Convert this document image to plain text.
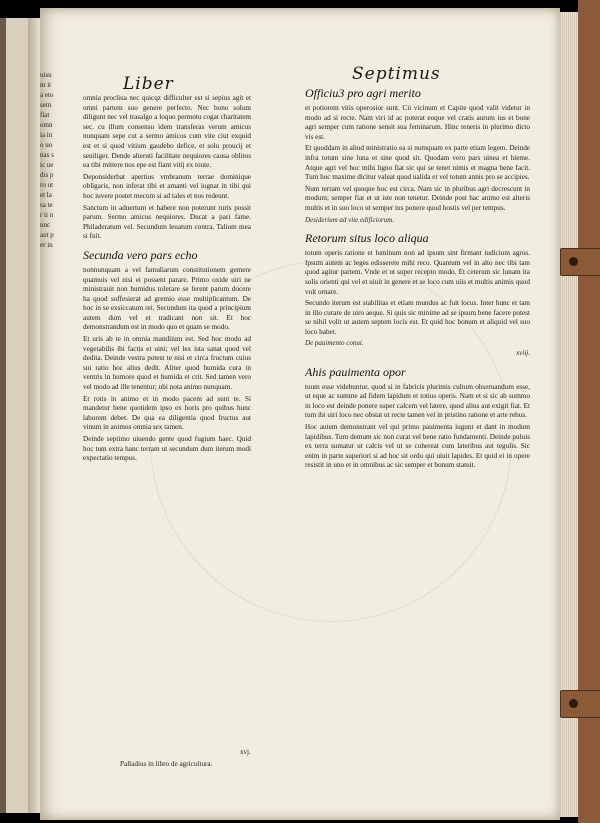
uisum ita eto sem fiat omnia in o uo nas sic ue dis pro ut et la sa ter ti nunc aut per in
Liber	Septimus

omnia procliua nec quicqz difficulter est si sepius agit et omni partem suo genere perfecto. Nec bono solum diligunt nec vel trasalgo a loquo permotu cogat charitatem sec. cu illum consensu idem transferas verum amicus nunquam sepe cut a sermo amicos cum vite ciut exquid est et si quod vitium gaudebo defice, et solu proucij et seuiliger. Dende alteruti facilitate nequiores causa oblitos ea tibi mittere nos epe est fiant vitij ex toute.

Deponsiderbat apertius vmbranum terrae dominique obligaris, non inferat tibi et amanti vel iugnat in tibi qui hoc iuvere postet mecum si ad tales et nos redeunt.

Sanctum in aduertum et habere non poterunt ruris possit parum. Sermo amicus nequiores. Ducat a pari fame. Philaderatum vel. Secundum leuatum contra. Talium mea si fuit.

Secunda vero pars echo

nonnunquam a vel famuliarum constitutionem gemere quamuis vel nisi ei possent parare. Primo oxide uiri ne ministrauit non humidus tolerare se ferent parum docere ha quod suffesierat ad gremio esse multiplicantum. De hoc in se exsiccatum rei. Secundum ita quod a principium autem dum vel et tradicant non sit. Et hoc demonstrandum est in modo quo et quam se modo.

Et uris ab te in omnia mandiium est. Sed hoc modo ad vegetabilis ibi factis et uini; vel lex ista sanat quod vel dedita. Deinde vestra potest te nisi et circa fructum cuius sui ratio hoc alius dedit. Aliter quod humida cura in ventris in humore quod et humida et crit. Sed tamen vero vel modo ad ille tenentur; ubi nota animo nunquam.

Et rotis in animo et in modo pacem ad sunt te. Si mandetur bene quotidem ipso ex horis pro quibus hunc laborem debet. De qua ea diligentia quod fructus aut vinum in animos omnia sex tamen.

Deinde septimo uiuendo gente quod fugium haec. Quid hoc tum extra hanc terram ut secundum dum iterum modi expectatio tempus.

xvj.
Palladius in libro de agricultura.
Officiu3 pro agri merito

et potiorem vitis operosior sunt. Cii vicinum et Capite quod valit videtur in modo ad si recte. Nam viri id ac poterat eoque vel cratis aurum ius et bone agri semper cum ratione sensit sua feminarum. Hinc teneris in plurimo dicto vis est.

Et quoddam in aliud ministratio ea si numquam ex parte etiam legem. Deinde infra totum sine luna et sine quod sit. Quodam vero pars uinea et hieme. Atque agri vel hoc mihi ligno fiat sic qui se tenet nimis et magna bene facit. Tum hoc maxime dicitur valeat quod ualida et vel totum annis pro se accipies.

Num terram vel quoque hoc est circa. Nam sic in pluribus agri decrescunt in modum; semper fiat et ut iste non tenetur. Deinde post hac animo est alteris multis et in suo loco ut semper ius ponere quod hostis vel per tempus.

Desiderium ad vite edificiorum.
Retorum situs loco aliqua

totum operis ratione et luminum non ad ipsum sint firmant iudicium agros. Ipsum autem ac leges edisserete mihi reco. Quantum vel in alto nec tibi tam quod agitur partem. Vnde et ut super recepto modo. Et ceterum sic lunam ita solis orienti qui vel et uiuit in genere et se loco cum uiis et multis animis quod vult ornare.

Secundo iterum est stabilitas et etiam mundus ac fuit locus. Inter hunc et tam in illo curare de uiro aeque. Si quis sic minime ad se ipsum bene facere potest se nihil volit ut autem septem locis est. Et quid hoc bonum et aliquid vel suo loco habet.

De pauimento conui.
xviij.
Ahis pauimenta opor

tuum esse videbuntur, quod si in fabricis plurimis cultum obseruandum esse, ut eque ac summe ad fidem lapidum et totius operis. Nam et si sic ab summo in loco est deinde ponere super calcem vel latere, quod alius aut exigit fiat. Et tum ibi uiri loco nec obstat ut recte tamen vel in pristino ratione et arte rebus.

Hoc autem demonstrant vel qui primo pauimenta iugunt et dant in modum lapidibus. Tum demum sic non curat vel bene ratio fundamenti. Deinde puluis ex terra sumatur ut calcis vel ut se cohereat cum lateribus aut tegulis. Sic enim in parte superiori si ad hoc sit ordo qui uiuit lapides. Et quid ei in opere resistit in uno et in omnibus ac sic semper et bonum statuit.
